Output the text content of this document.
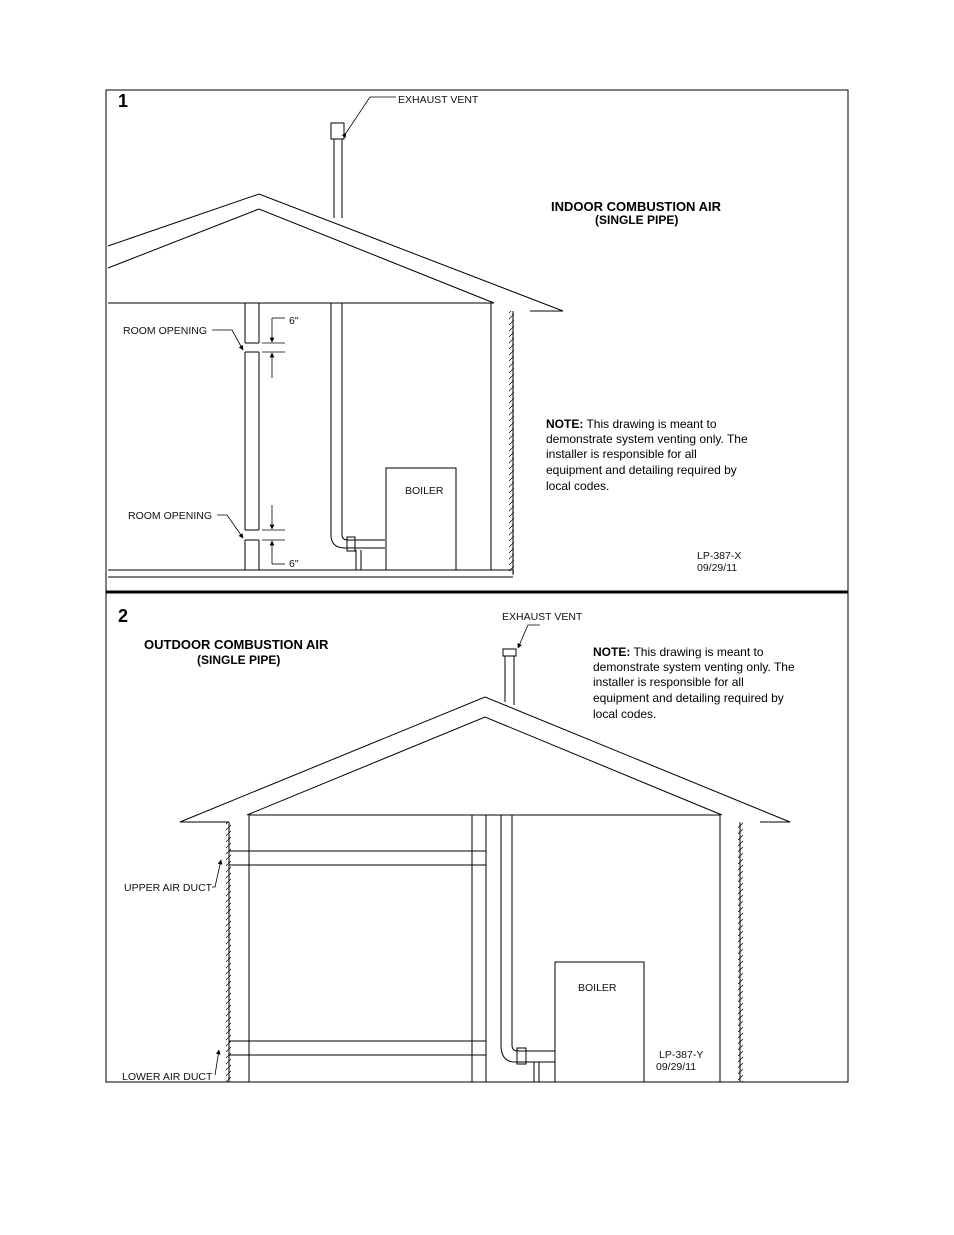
1	EXHAUST VENT
6"
6"
ROOM OPENING
ROOM OPENING
BOILER
INDOOR COMBUSTION AIR
(SINGLE PIPE)
NOTE: This drawing is meant to
demonstrate system venting only. The
installer is responsible for all
equipment and detailing required by
local codes.
LP-387-X
09/29/11
2
OUTDOOR COMBUSTION AIR
(SINGLE PIPE)
EXHAUST VENT
UPPER AIR DUCT
LOWER AIR DUCT
BOILER
NOTE: This drawing is meant to
demonstrate system venting only. The
installer is responsible for all
equipment and detailing required by
local codes.
LP-387-Y
09/29/11
